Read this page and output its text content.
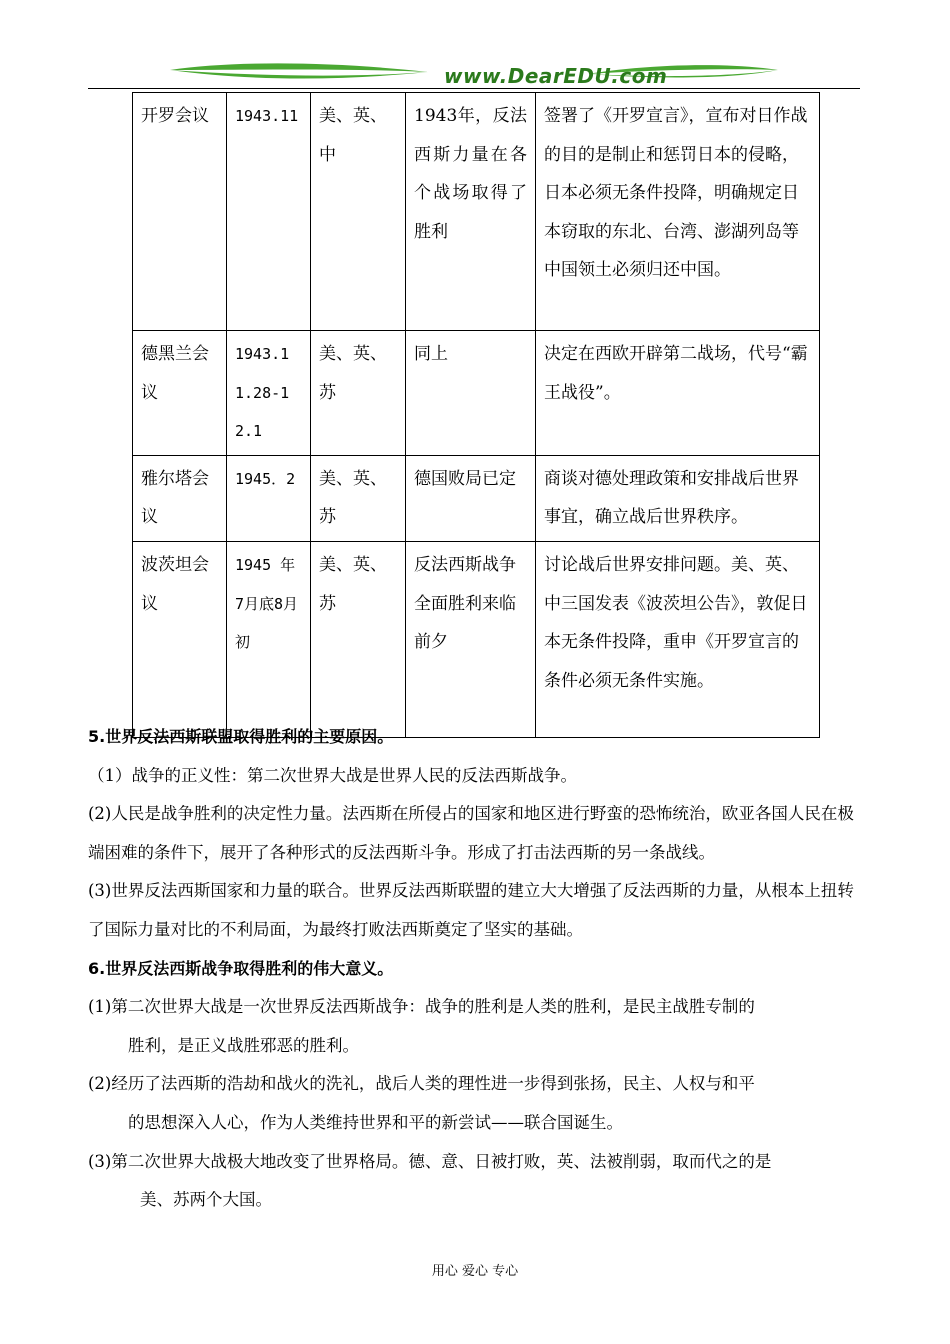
www.DearEDU.com
开罗会议	1943.11	美、英、中	1943年，反法西斯力量在各个战场取得了胜利	签署了《开罗宣言》，宣布对日作战的目的是制止和惩罚日本的侵略，日本必须无条件投降，明确规定日本窃取的东北、台湾、澎湖列岛等中国领土必须归还中国。
德黑兰会议	1943.11.28-12.1	美、英、苏	同上	决定在西欧开辟第二战场，代号“霸王战役”。
雅尔塔会议	1945．2	美、英、苏	德国败局已定	商谈对德处理政策和安排战后世界事宜，确立战后世界秩序。
波茨坦会议	1945 年7月底8月初	美、英、苏	反法西斯战争全面胜利来临前夕	讨论战后世界安排问题。美、英、中三国发表《波茨坦公告》，敦促日本无条件投降，重申《开罗宣言的条件必须无条件实施。

5.世界反法西斯联盟取得胜利的主要原因。

（1）战争的正义性：第二次世界大战是世界人民的反法西斯战争。

(2)人民是战争胜利的决定性力量。法西斯在所侵占的国家和地区进行野蛮的恐怖统治，欧亚各国人民在极端困难的条件下，展开了各种形式的反法西斯斗争。形成了打击法西斯的另一条战线。

(3)世界反法西斯国家和力量的联合。世界反法西斯联盟的建立大大增强了反法西斯的力量，从根本上扭转了国际力量对比的不利局面，为最终打败法西斯奠定了坚实的基础。

6.世界反法西斯战争取得胜利的伟大意义。

(1)第二次世界大战是一次世界反法西斯战争：战争的胜利是人类的胜利，是民主战胜专制的

胜利，是正义战胜邪恶的胜利。

(2)经历了法西斯的浩劫和战火的洗礼，战后人类的理性进一步得到张扬，民主、人权与和平

的思想深入人心，作为人类维持世界和平的新尝试——联合国诞生。

(3)第二次世界大战极大地改变了世界格局。德、意、日被打败，英、法被削弱，取而代之的是

美、苏两个大国。

用心 爱心 专心
